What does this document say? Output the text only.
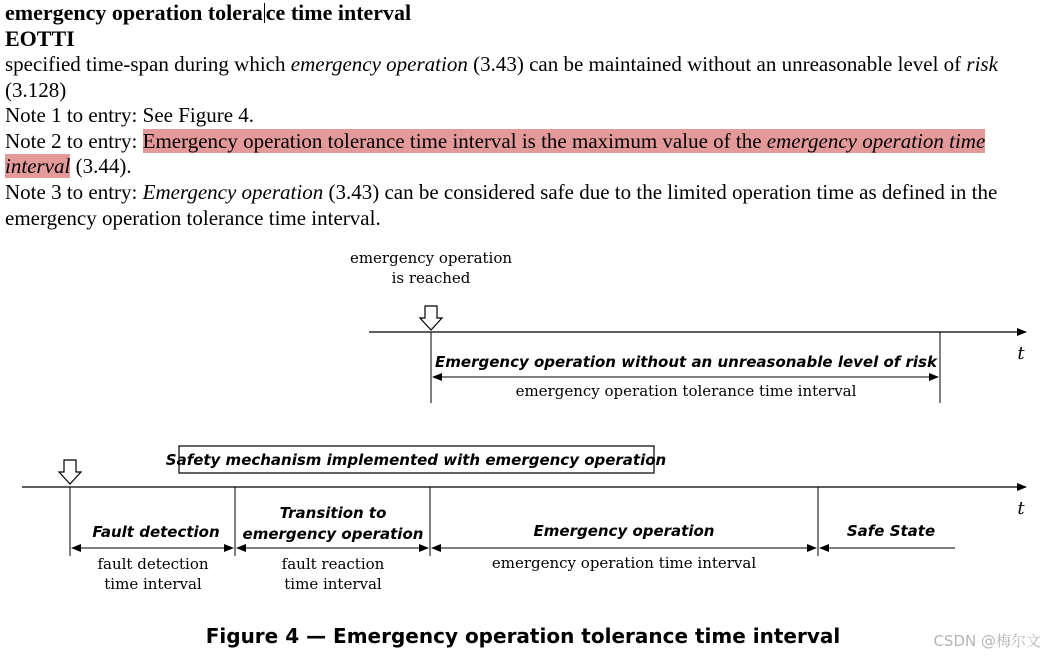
emergency operation tolera ce time interval
EOTTI

specified time-span during which emergency operation (3.43) can be maintained without an unreasonable level of risk (3.128)

Note 1 to entry: See Figure 4.

Note 2 to entry: Emergency operation tolerance time interval is the maximum value of the emergency operation time interval (3.44).

Note 3 to entry: Emergency operation (3.43) can be considered safe due to the limited operation time as defined in the emergency operation tolerance time interval.

emergency operation
is reached
t
Emergency operation without an unreasonable level of risk
emergency operation tolerance time interval
Safety mechanism implemented with emergency operation
t
Fault detection
Transition to
emergency operation	Emergency operation	Safe State
fault detection
time interval
fault reaction
time interval
emergency operation time interval
Figure 4 — Emergency operation tolerance time interval	CSDN @梅尔文
